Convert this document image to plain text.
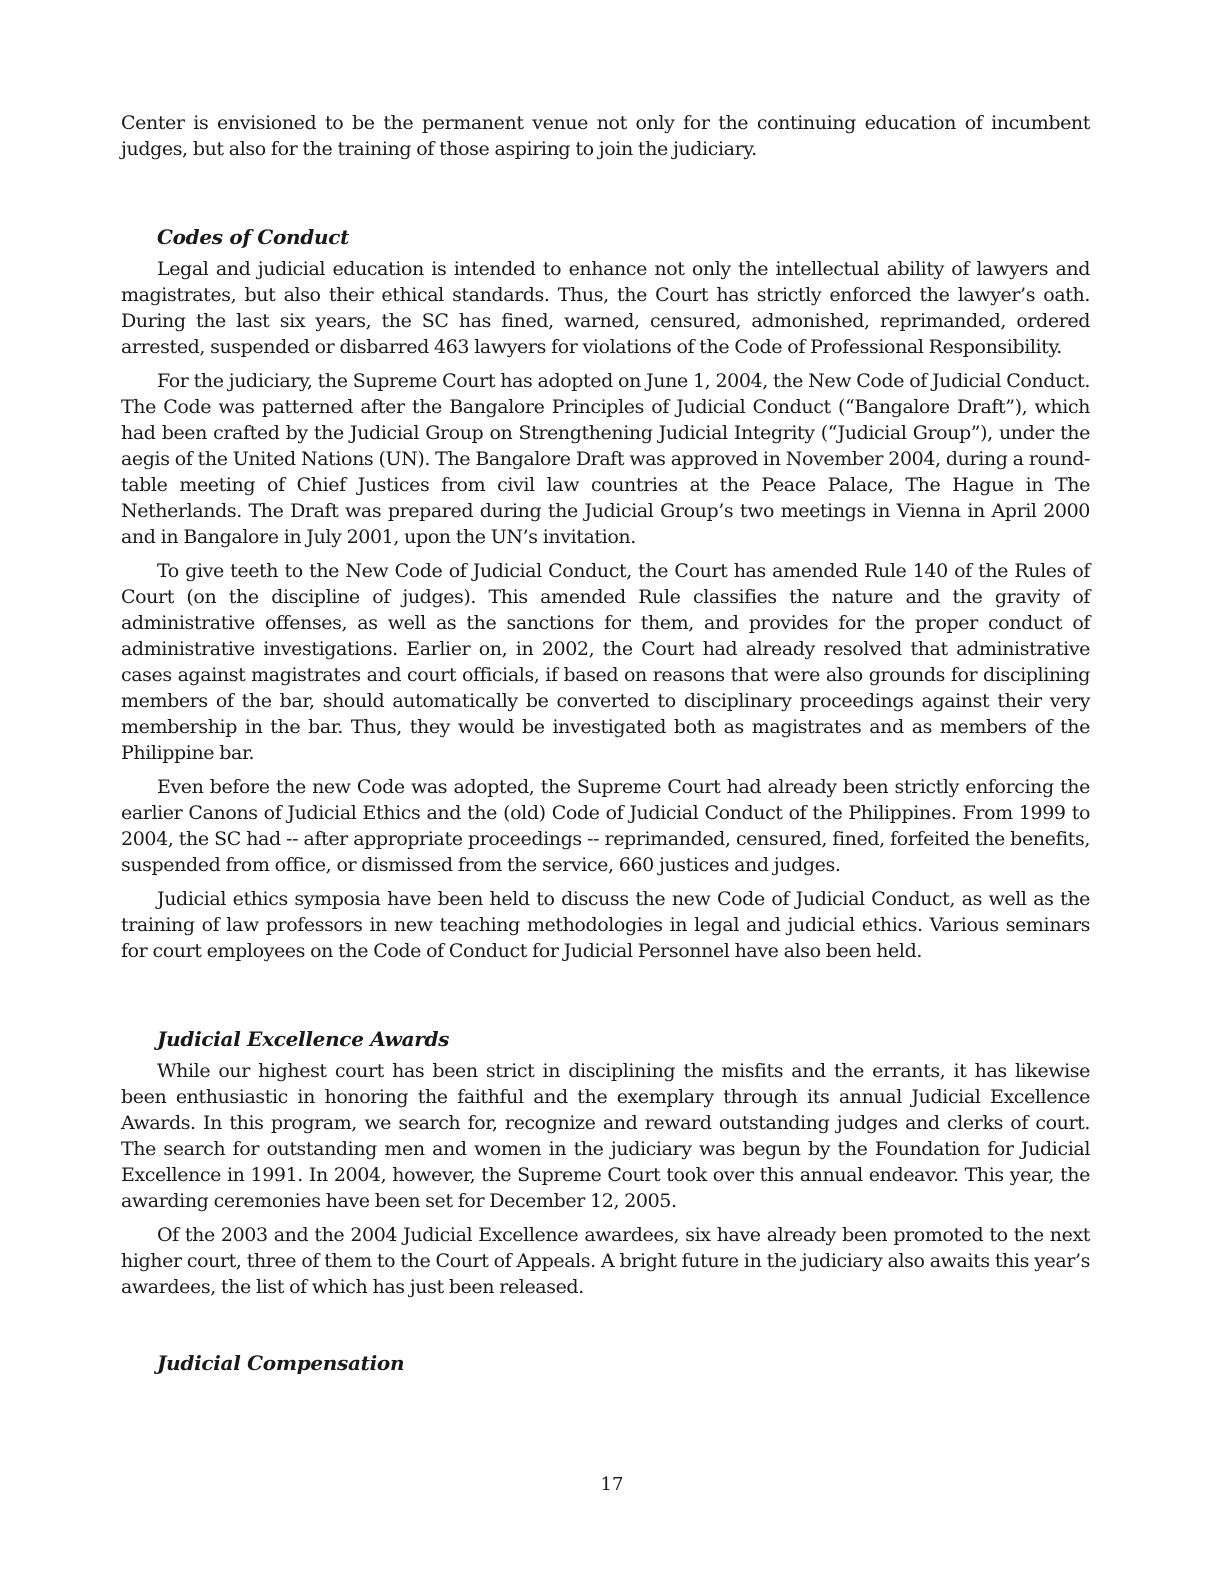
Center is envisioned to be the permanent venue not only for the continuing education of incumbent judges, but also for the training of those aspiring to join the judiciary.

Codes of Conduct

Legal and judicial education is intended to enhance not only the intellectual ability of lawyers and magistrates, but also their ethical standards. Thus, the Court has strictly enforced the lawyer’s oath. During the last six years, the SC has fined, warned, censured, admonished, reprimanded, ordered arrested, suspended or disbarred 463 lawyers for violations of the Code of Professional Responsibility.

For the judiciary, the Supreme Court has adopted on June 1, 2004, the New Code of Judicial Conduct. The Code was patterned after the Bangalore Principles of Judicial Conduct (“Bangalore Draft”), which had been crafted by the Judicial Group on Strengthening Judicial Integrity (“Judicial Group”), under the aegis of the United Nations (UN). The Bangalore Draft was approved in November 2004, during a round-table meeting of Chief Justices from civil law countries at the Peace Palace, The Hague in The Netherlands. The Draft was prepared during the Judicial Group’s two meetings in Vienna in April 2000 and in Bangalore in July 2001, upon the UN’s invitation.

To give teeth to the New Code of Judicial Conduct, the Court has amended Rule 140 of the Rules of Court (on the discipline of judges). This amended Rule classifies the nature and the gravity of administrative offenses, as well as the sanctions for them, and provides for the proper conduct of administrative investigations. Earlier on, in 2002, the Court had already resolved that administrative cases against magistrates and court officials, if based on reasons that were also grounds for disciplining members of the bar, should automatically be converted to disciplinary proceedings against their very membership in the bar. Thus, they would be investigated both as magistrates and as members of the Philippine bar.

Even before the new Code was adopted, the Supreme Court had already been strictly enforcing the earlier Canons of Judicial Ethics and the (old) Code of Judicial Conduct of the Philippines. From 1999 to 2004, the SC had -- after appropriate proceedings -- reprimanded, censured, fined, forfeited the benefits, suspended from office, or dismissed from the service, 660 justices and judges.

Judicial ethics symposia have been held to discuss the new Code of Judicial Conduct, as well as the training of law professors in new teaching methodologies in legal and judicial ethics. Various seminars for court employees on the Code of Conduct for Judicial Personnel have also been held.

Judicial Excellence Awards

While our highest court has been strict in disciplining the misfits and the errants, it has likewise been enthusiastic in honoring the faithful and the exemplary through its annual Judicial Excellence Awards. In this program, we search for, recognize and reward outstanding judges and clerks of court. The search for outstanding men and women in the judiciary was begun by the Foundation for Judicial Excellence in 1991. In 2004, however, the Supreme Court took over this annual endeavor. This year, the awarding ceremonies have been set for December 12, 2005.

Of the 2003 and the 2004 Judicial Excellence awardees, six have already been promoted to the next higher court, three of them to the Court of Appeals. A bright future in the judiciary also awaits this year’s awardees, the list of which has just been released.

Judicial Compensation
17
